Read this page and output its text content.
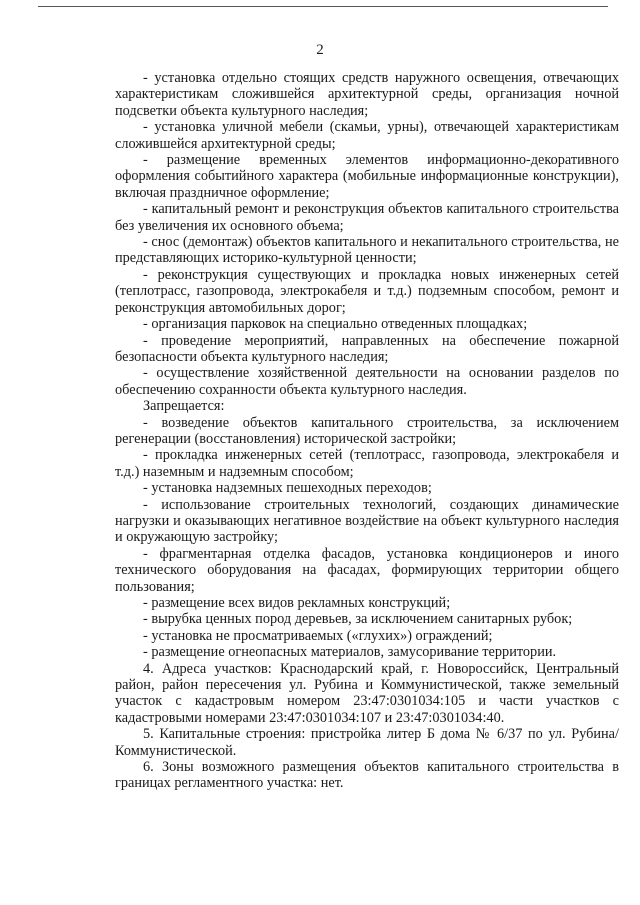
2

- установка отдельно стоящих средств наружного освещения, отвечающих характеристикам сложившейся архитектурной среды, организация ночной подсветки объекта культурного наследия;

- установка уличной мебели (скамьи, урны), отвечающей характеристикам сложившейся архитектурной среды;

- размещение временных элементов информационно-декоративного оформления событийного характера (мобильные информационные конструкции), включая праздничное оформление;

- капитальный ремонт и реконструкция объектов капитального строительства без увеличения их основного объема;

- снос (демонтаж) объектов капитального и некапитального строительства, не представляющих историко-культурной ценности;

- реконструкция существующих и прокладка новых инженерных сетей (теплотрасс, газопровода, электрокабеля и т.д.) подземным способом, ремонт и реконструкция автомобильных дорог;

- организация парковок на специально отведенных площадках;

- проведение мероприятий, направленных на обеспечение пожарной безопасности объекта культурного наследия;

- осуществление хозяйственной деятельности на основании разделов по обеспечению сохранности объекта культурного наследия.

Запрещается:

- возведение объектов капитального строительства, за исключением регенерации (восстановления) исторической застройки;

- прокладка инженерных сетей (теплотрасс, газопровода, электрокабеля и т.д.) наземным и надземным способом;

- установка надземных пешеходных переходов;

- использование строительных технологий, создающих динамические нагрузки и оказывающих негативное воздействие на объект культурного наследия и окружающую застройку;

- фрагментарная отделка фасадов, установка кондиционеров и иного технического оборудования на фасадах, формирующих территории общего пользования;

- размещение всех видов рекламных конструкций;

- вырубка ценных пород деревьев, за исключением санитарных рубок;

- установка не просматриваемых («глухих») ограждений;

- размещение огнеопасных материалов, замусоривание территории.

4. Адреса участков: Краснодарский край, г. Новороссийск, Центральный район, район пересечения ул. Рубина и Коммунистической, также земельный участок с кадастровым номером 23:47:0301034:105 и части участков с кадастровыми номерами 23:47:0301034:107 и 23:47:0301034:40.

5. Капитальные строения: пристройка литер Б дома № 6/37 по ул. Рубина/Коммунистической.

6. Зоны возможного размещения объектов капитального строительства в границах регламентного участка: нет.
